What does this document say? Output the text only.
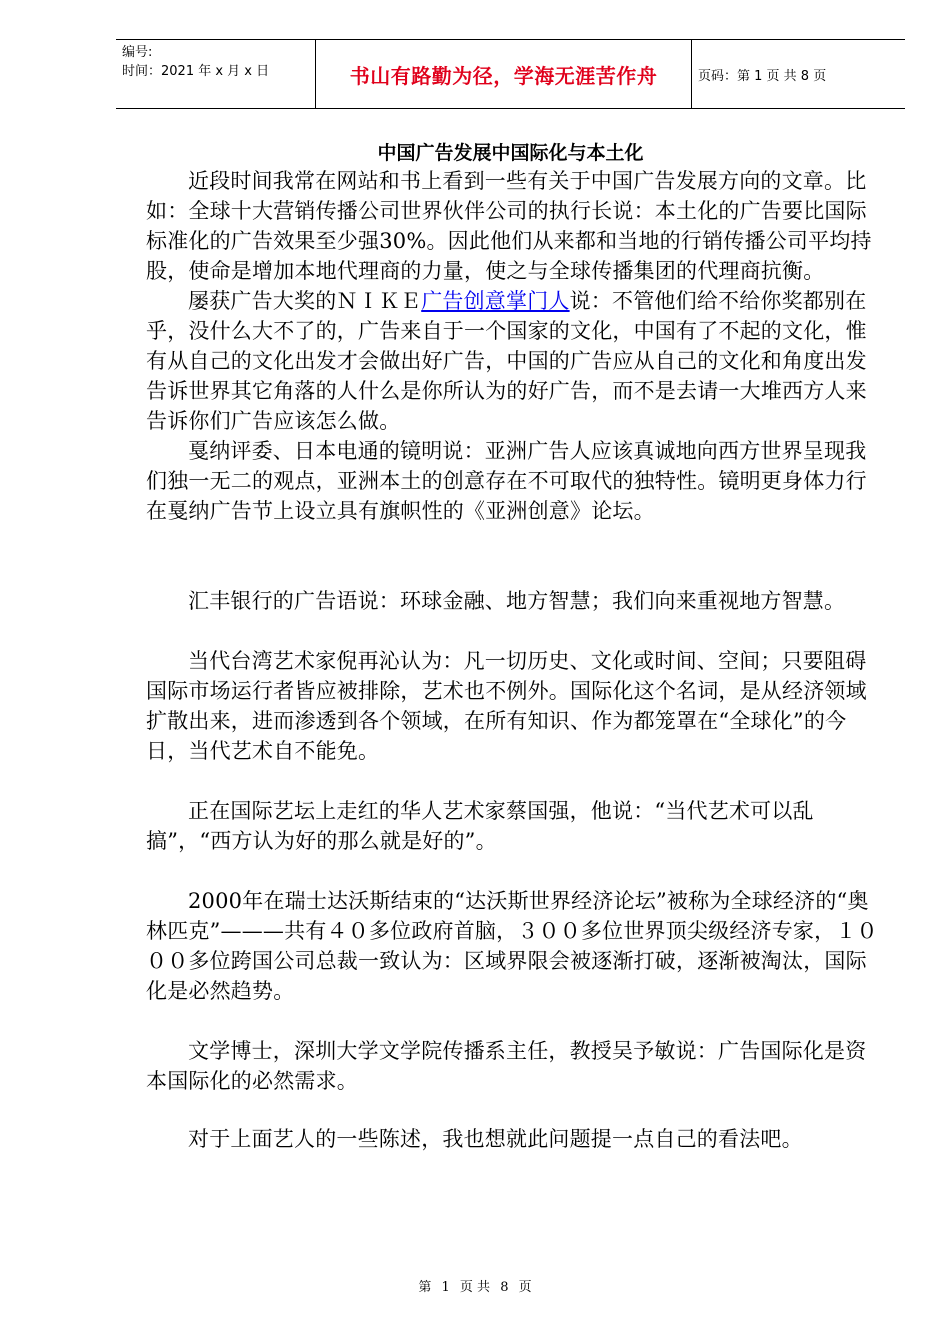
编号:
时间：2021 年 x 月 x 日	书山有路勤为径，学海无涯苦作舟	页码：第 1 页 共 8 页
中国广告发展中国际化与本土化

近段时间我常在网站和书上看到一些有关于中国广告发展方向的文章。比如：全球十大营销传播公司世界伙伴公司的执行长说：本土化的广告要比国际标准化的广告效果至少强30%。因此他们从来都和当地的行销传播公司平均持股，使命是增加本地代理商的力量，使之与全球传播集团的代理商抗衡。

屡获广告大奖的ＮＩＫＥ广告创意掌门人说：不管他们给不给你奖都别在乎，没什么大不了的，广告来自于一个国家的文化，中国有了不起的文化，惟有从自己的文化出发才会做出好广告，中国的广告应从自己的文化和角度出发告诉世界其它角落的人什么是你所认为的好广告，而不是去请一大堆西方人来告诉你们广告应该怎么做。

戛纳评委、日本电通的镜明说：亚洲广告人应该真诚地向西方世界呈现我们独一无二的观点，亚洲本土的创意存在不可取代的独特性。镜明更身体力行在戛纳广告节上设立具有旗帜性的《亚洲创意》论坛。

汇丰银行的广告语说：环球金融、地方智慧；我们向来重视地方智慧。

当代台湾艺术家倪再沁认为：凡一切历史、文化或时间、空间；只要阻碍国际市场运行者皆应被排除，艺术也不例外。国际化这个名词，是从经济领域扩散出来，进而渗透到各个领域，在所有知识、作为都笼罩在“全球化”的今日，当代艺术自不能免。

正在国际艺坛上走红的华人艺术家蔡国强，他说：“当代艺术可以乱搞”，“西方认为好的那么就是好的”。

2000年在瑞士达沃斯结束的“达沃斯世界经济论坛”被称为全球经济的“奥林匹克”———共有４０多位政府首脑，３００多位世界顶尖级经济专家，１０００多位跨国公司总裁一致认为：区域界限会被逐渐打破，逐渐被淘汰，国际化是必然趋势。

文学博士，深圳大学文学院传播系主任，教授吴予敏说：广告国际化是资本国际化的必然需求。

对于上面艺人的一些陈述，我也想就此问题提一点自己的看法吧。

第 1 页 共 8 页
